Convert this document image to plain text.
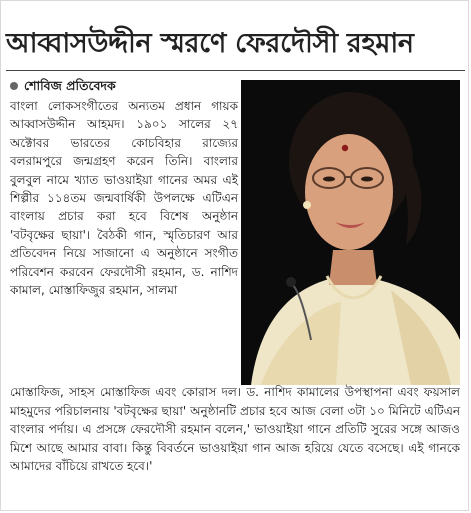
আব্বাসউদ্দীন স্মরণে ফেরদৌসী রহমান
শোবিজ প্রতিবেদক
বাংলা লোকসংগীতের অন্যতম প্রধান গায়ক আব্বাসউদ্দীন আহমদ। ১৯০১ সালের ২৭ অক্টোবর ভারতের কোচবিহার রাজ্যের বলরামপুরে জন্মগ্রহণ করেন তিনি। বাংলার বুলবুল নামে খ্যাত ভাওয়াইয়া গানের অমর এই শিল্পীর ১১৪তম জন্মবার্ষিকী উপলক্ষে এটিএন বাংলায় প্রচার করা হবে বিশেষ অনুষ্ঠান 'বটবৃক্ষের ছায়া'। বৈঠকী গান, স্মৃতিচারণ আর প্রতিবেদন নিয়ে সাজানো এ অনুষ্ঠানে সংগীত পরিবেশন করবেন ফেরদৌসী রহমান, ড. নাশিদ কামাল, মোস্তাফিজুর রহমান, সালমা
মোস্তাফিজ, সাহস মোস্তাফিজ এবং কোরাস দল। ড. নাশিদ কামালের উপস্থাপনা এবং ফয়সাল মাহমুদের পরিচালনায় 'বটবৃক্ষের ছায়া' অনুষ্ঠানটি প্রচার হবে আজ বেলা ৩টা ১০ মিনিটে এটিএন বাংলার পর্দায়। এ প্রসঙ্গে ফেরদৌসী রহমান বলেন,' ভাওয়াইয়া গানে প্রতিটি সুরের সঙ্গে আজও মিশে আছে আমার বাবা। কিন্তু বিবর্তনে ভাওয়াইয়া গান আজ হরিয়ে যেতে বসেছে। এই গানকে আমাদের বাঁচিয়ে রাখতে হবে।'
